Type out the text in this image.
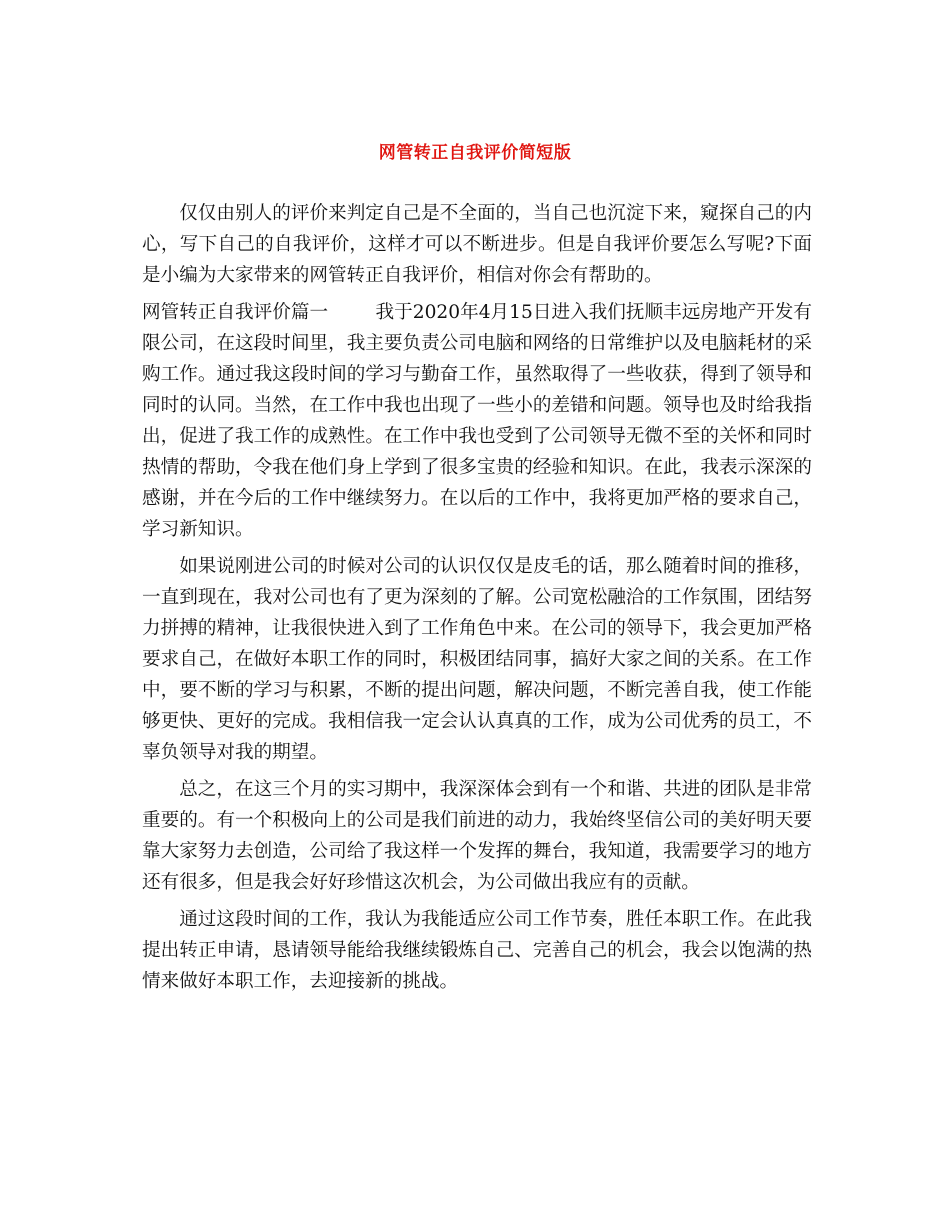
网管转正自我评价简短版

仅仅由别人的评价来判定自己是不全面的，当自己也沉淀下来，窥探自己的内心，写下自己的自我评价，这样才可以不断进步。但是自我评价要怎么写呢?下面是小编为大家带来的网管转正自我评价，相信对你会有帮助的。

网管转正自我评价篇一	我于2020年4月15日进入我们抚顺丰远房地产开发有限公司，在这段时间里，我主要负责公司电脑和网络的日常维护以及电脑耗材的采购工作。通过我这段时间的学习与勤奋工作，虽然取得了一些收获，得到了领导和同时的认同。当然，在工作中我也出现了一些小的差错和问题。领导也及时给我指出，促进了我工作的成熟性。在工作中我也受到了公司领导无微不至的关怀和同时热情的帮助，令我在他们身上学到了很多宝贵的经验和知识。在此，我表示深深的感谢，并在今后的工作中继续努力。在以后的工作中，我将更加严格的要求自己，学习新知识。

如果说刚进公司的时候对公司的认识仅仅是皮毛的话，那么随着时间的推移，一直到现在，我对公司也有了更为深刻的了解。公司宽松融洽的工作氛围，团结努力拼搏的精神，让我很快进入到了工作角色中来。在公司的领导下，我会更加严格要求自己，在做好本职工作的同时，积极团结同事，搞好大家之间的关系。在工作中，要不断的学习与积累，不断的提出问题，解决问题，不断完善自我，使工作能够更快、更好的完成。我相信我一定会认认真真的工作，成为公司优秀的员工，不辜负领导对我的期望。

总之，在这三个月的实习期中，我深深体会到有一个和谐、共进的团队是非常重要的。有一个积极向上的公司是我们前进的动力，我始终坚信公司的美好明天要靠大家努力去创造，公司给了我这样一个发挥的舞台，我知道，我需要学习的地方还有很多，但是我会好好珍惜这次机会，为公司做出我应有的贡献。

通过这段时间的工作，我认为我能适应公司工作节奏，胜任本职工作。在此我提出转正申请，恳请领导能给我继续锻炼自己、完善自己的机会，我会以饱满的热情来做好本职工作，去迎接新的挑战。
